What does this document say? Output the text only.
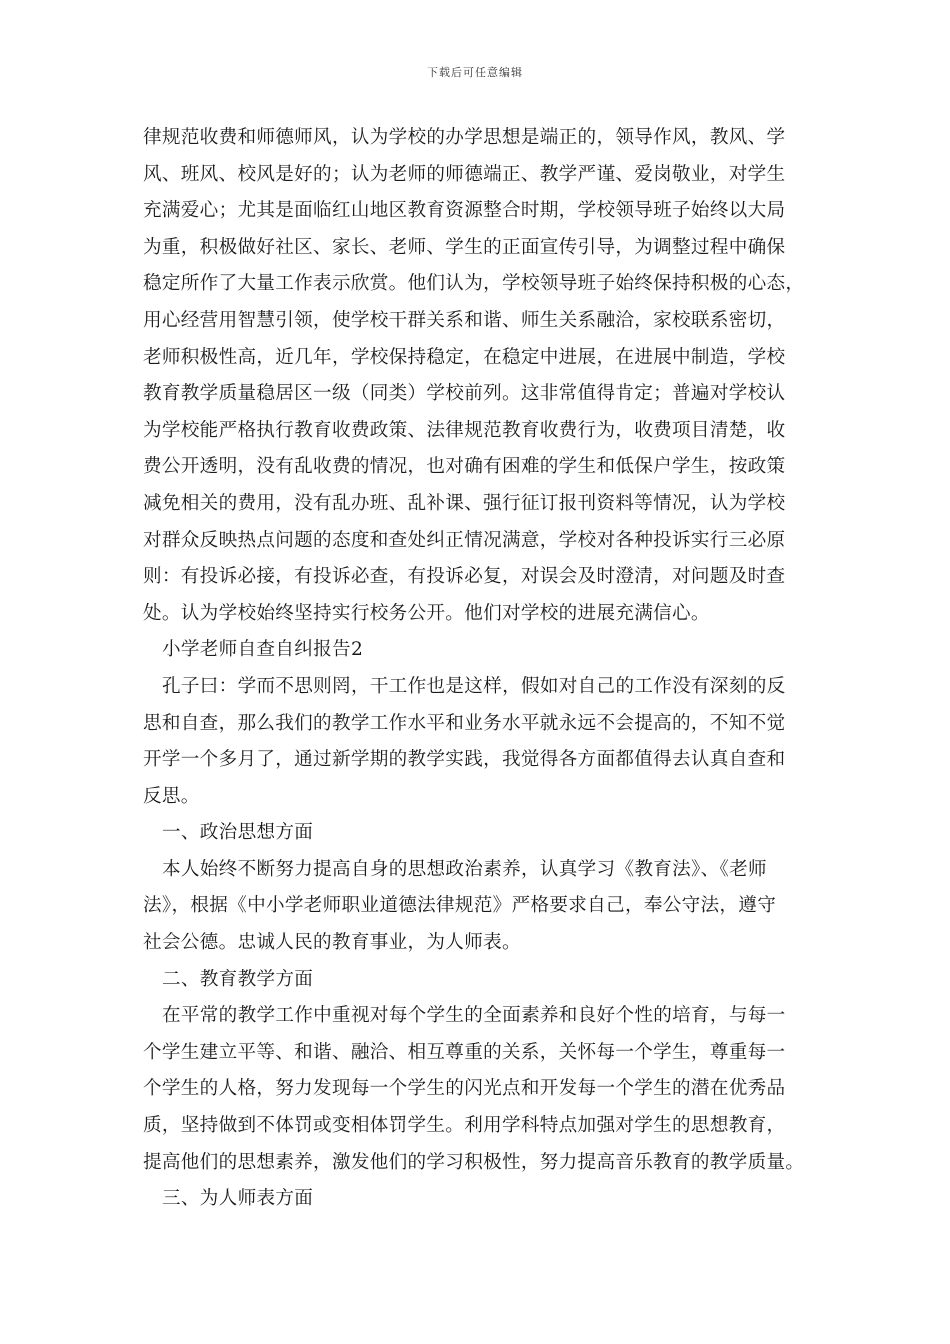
下载后可任意编辑
律规范收费和师德师风，认为学校的办学思想是端正的，领导作风，教风、学
风、班风、校风是好的；认为老师的师德端正、教学严谨、爱岗敬业，对学生
充满爱心；尤其是面临红山地区教育资源整合时期，学校领导班子始终以大局
为重，积极做好社区、家长、老师、学生的正面宣传引导，为调整过程中确保
稳定所作了大量工作表示欣赏。他们认为，学校领导班子始终保持积极的心态，
用心经营用智慧引领，使学校干群关系和谐、师生关系融洽，家校联系密切，
老师积极性高，近几年，学校保持稳定，在稳定中进展，在进展中制造，学校
教育教学质量稳居区一级（同类）学校前列。这非常值得肯定；普遍对学校认
为学校能严格执行教育收费政策、法律规范教育收费行为，收费项目清楚，收
费公开透明，没有乱收费的情况，也对确有困难的学生和低保户学生，按政策
减免相关的费用，没有乱办班、乱补课、强行征订报刊资料等情况，认为学校
对群众反映热点问题的态度和查处纠正情况满意，学校对各种投诉实行三必原
则：有投诉必接，有投诉必查，有投诉必复，对误会及时澄清，对问题及时查
处。认为学校始终坚持实行校务公开。他们对学校的进展充满信心。
小学老师自查自纠报告2
孔子曰：学而不思则罔，干工作也是这样，假如对自己的工作没有深刻的反
思和自查，那么我们的教学工作水平和业务水平就永远不会提高的，不知不觉
开学一个多月了，通过新学期的教学实践，我觉得各方面都值得去认真自查和
反思。
一、政治思想方面
本人始终不断努力提高自身的思想政治素养，认真学习《教育法》、《老师
法》，根据《中小学老师职业道德法律规范》严格要求自己，奉公守法，遵守
社会公德。忠诚人民的教育事业，为人师表。
二、教育教学方面
在平常的教学工作中重视对每个学生的全面素养和良好个性的培育，与每一
个学生建立平等、和谐、融洽、相互尊重的关系，关怀每一个学生，尊重每一
个学生的人格，努力发现每一个学生的闪光点和开发每一个学生的潜在优秀品
质，坚持做到不体罚或变相体罚学生。利用学科特点加强对学生的思想教育，
提高他们的思想素养，激发他们的学习积极性，努力提高音乐教育的教学质量。
三、为人师表方面
